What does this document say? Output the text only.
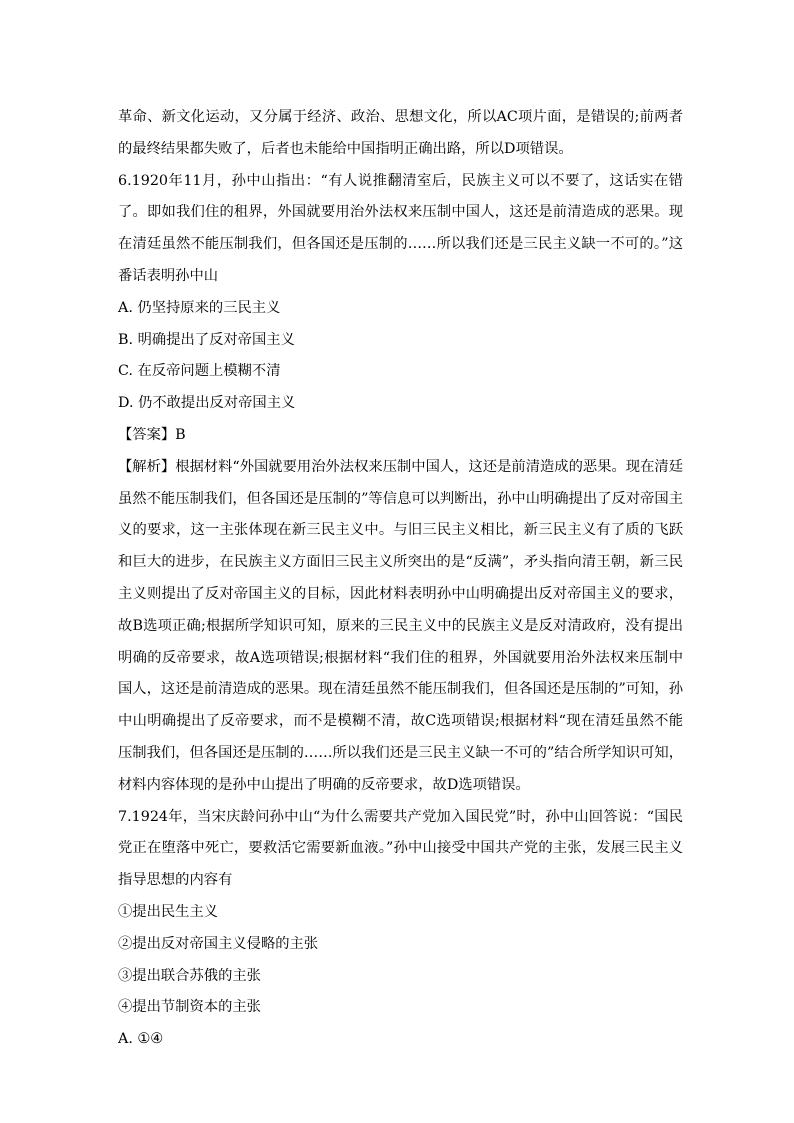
革命、新文化运动，又分属于经济、政治、思想文化，所以AC项片面，是错误的;前两者的最终结果都失败了，后者也未能给中国指明正确出路，所以D项错误。

6.1920年11月，孙中山指出：“有人说推翻清室后，民族主义可以不要了，这话实在错了。即如我们住的租界，外国就要用治外法权来压制中国人，这还是前清造成的恶果。现在清廷虽然不能压制我们，但各国还是压制的……所以我们还是三民主义缺一不可的。”这番话表明孙中山

A. 仍坚持原来的三民主义

B. 明确提出了反对帝国主义

C. 在反帝问题上模糊不清

D. 仍不敢提出反对帝国主义

【答案】B

【解析】根据材料“外国就要用治外法权来压制中国人，这还是前清造成的恶果。现在清廷虽然不能压制我们，但各国还是压制的”等信息可以判断出，孙中山明确提出了反对帝国主义的要求，这一主张体现在新三民主义中。与旧三民主义相比，新三民主义有了质的飞跃和巨大的进步，在民族主义方面旧三民主义所突出的是“反满”，矛头指向清王朝，新三民主义则提出了反对帝国主义的目标，因此材料表明孙中山明确提出反对帝国主义的要求，故B选项正确;根据所学知识可知，原来的三民主义中的民族主义是反对清政府，没有提出明确的反帝要求，故A选项错误;根据材料“我们住的租界，外国就要用治外法权来压制中国人，这还是前清造成的恶果。现在清廷虽然不能压制我们，但各国还是压制的”可知，孙中山明确提出了反帝要求，而不是模糊不清，故C选项错误;根据材料“现在清廷虽然不能压制我们，但各国还是压制的……所以我们还是三民主义缺一不可的”结合所学知识可知，材料内容体现的是孙中山提出了明确的反帝要求，故D选项错误。

7.1924年，当宋庆龄问孙中山“为什么需要共产党加入国民党”时，孙中山回答说：“国民党正在堕落中死亡，要救活它需要新血液。”孙中山接受中国共产党的主张，发展三民主义指导思想的内容有

①提出民生主义

②提出反对帝国主义侵略的主张

③提出联合苏俄的主张

④提出节制资本的主张

A. ①④
